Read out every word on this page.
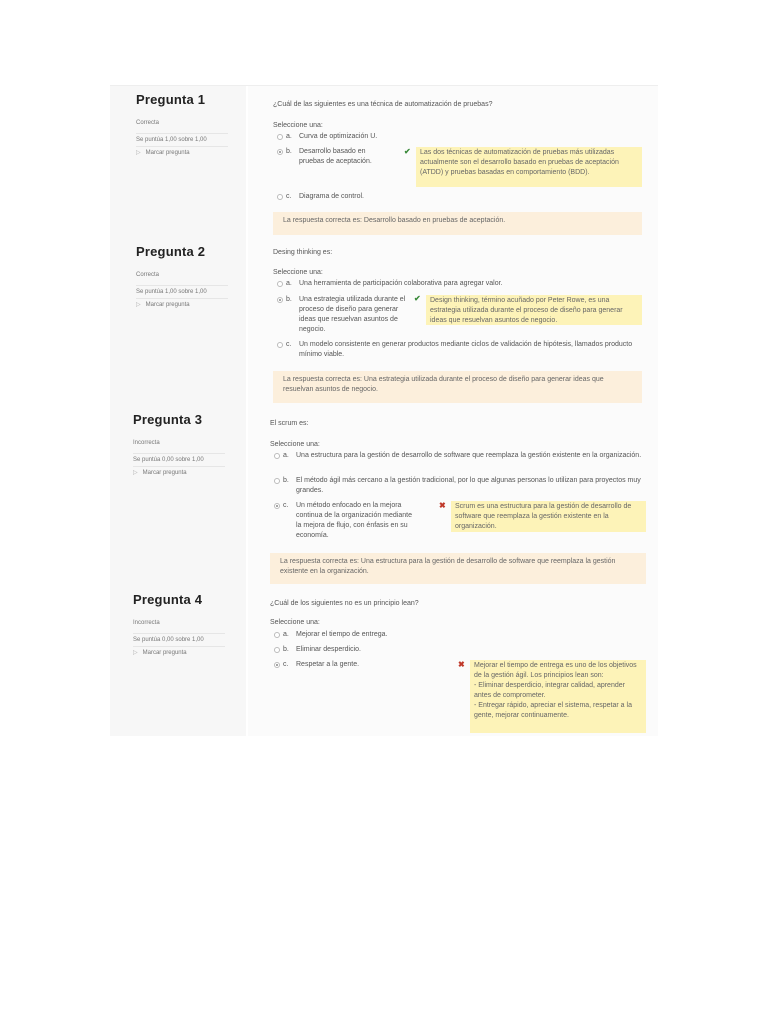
Pregunta 1
Correcta
Se puntúa 1,00 sobre 1,00
▷ Marcar pregunta
¿Cuál de las siguientes es una técnica de automatización de pruebas?
Seleccione una:
a. Curva de optimización U.
b. Desarrollo basado en pruebas de aceptación.
✔	Las dos técnicas de automatización de pruebas más utilizadas actualmente son el desarrollo basado en pruebas de aceptación (ATDD) y pruebas basadas en comportamiento (BDD).
c. Diagrama de control.
La respuesta correcta es: Desarrollo basado en pruebas de aceptación.
Pregunta 2
Correcta
Se puntúa 1,00 sobre 1,00
▷ Marcar pregunta
Desing thinking es:
Seleccione una:
a. Una herramienta de participación colaborativa para agregar valor.
b. Una estrategia utilizada durante el proceso de diseño para generar ideas que resuelvan asuntos de negocio.
✔	Design thinking, término acuñado por Peter Rowe, es una estrategia utilizada durante el proceso de diseño para generar ideas que resuelvan asuntos de negocio.
c. Un modelo consistente en generar productos mediante ciclos de validación de hipótesis, llamados producto mínimo viable.
La respuesta correcta es: Una estrategia utilizada durante el proceso de diseño para generar ideas que resuelvan asuntos de negocio.
Pregunta 3
Incorrecta
Se puntúa 0,00 sobre 1,00
▷ Marcar pregunta
El scrum es:
Seleccione una:
a. Una estructura para la gestión de desarrollo de software que reemplaza la gestión existente en la organización.
b. El método ágil más cercano a la gestión tradicional, por lo que algunas personas lo utilizan para proyectos muy grandes.
c. Un método enfocado en la mejora continua de la organización mediante la mejora de flujo, con énfasis en su economía.
✖	Scrum es una estructura para la gestión de desarrollo de software que reemplaza la gestión existente en la organización.
La respuesta correcta es: Una estructura para la gestión de desarrollo de software que reemplaza la gestión existente en la organización.
Pregunta 4
Incorrecta
Se puntúa 0,00 sobre 1,00
▷ Marcar pregunta
¿Cuál de los siguientes no es un principio lean?
Seleccione una:
a. Mejorar el tiempo de entrega.
b. Eliminar desperdicio.
c. Respetar a la gente.	✖ Mejorar el tiempo de entrega es uno de los objetivos de la gestión ágil. Los principios lean son:
- Eliminar desperdicio, integrar calidad, aprender antes de comprometer.
- Entregar rápido, apreciar el sistema, respetar a la gente, mejorar continuamente.
